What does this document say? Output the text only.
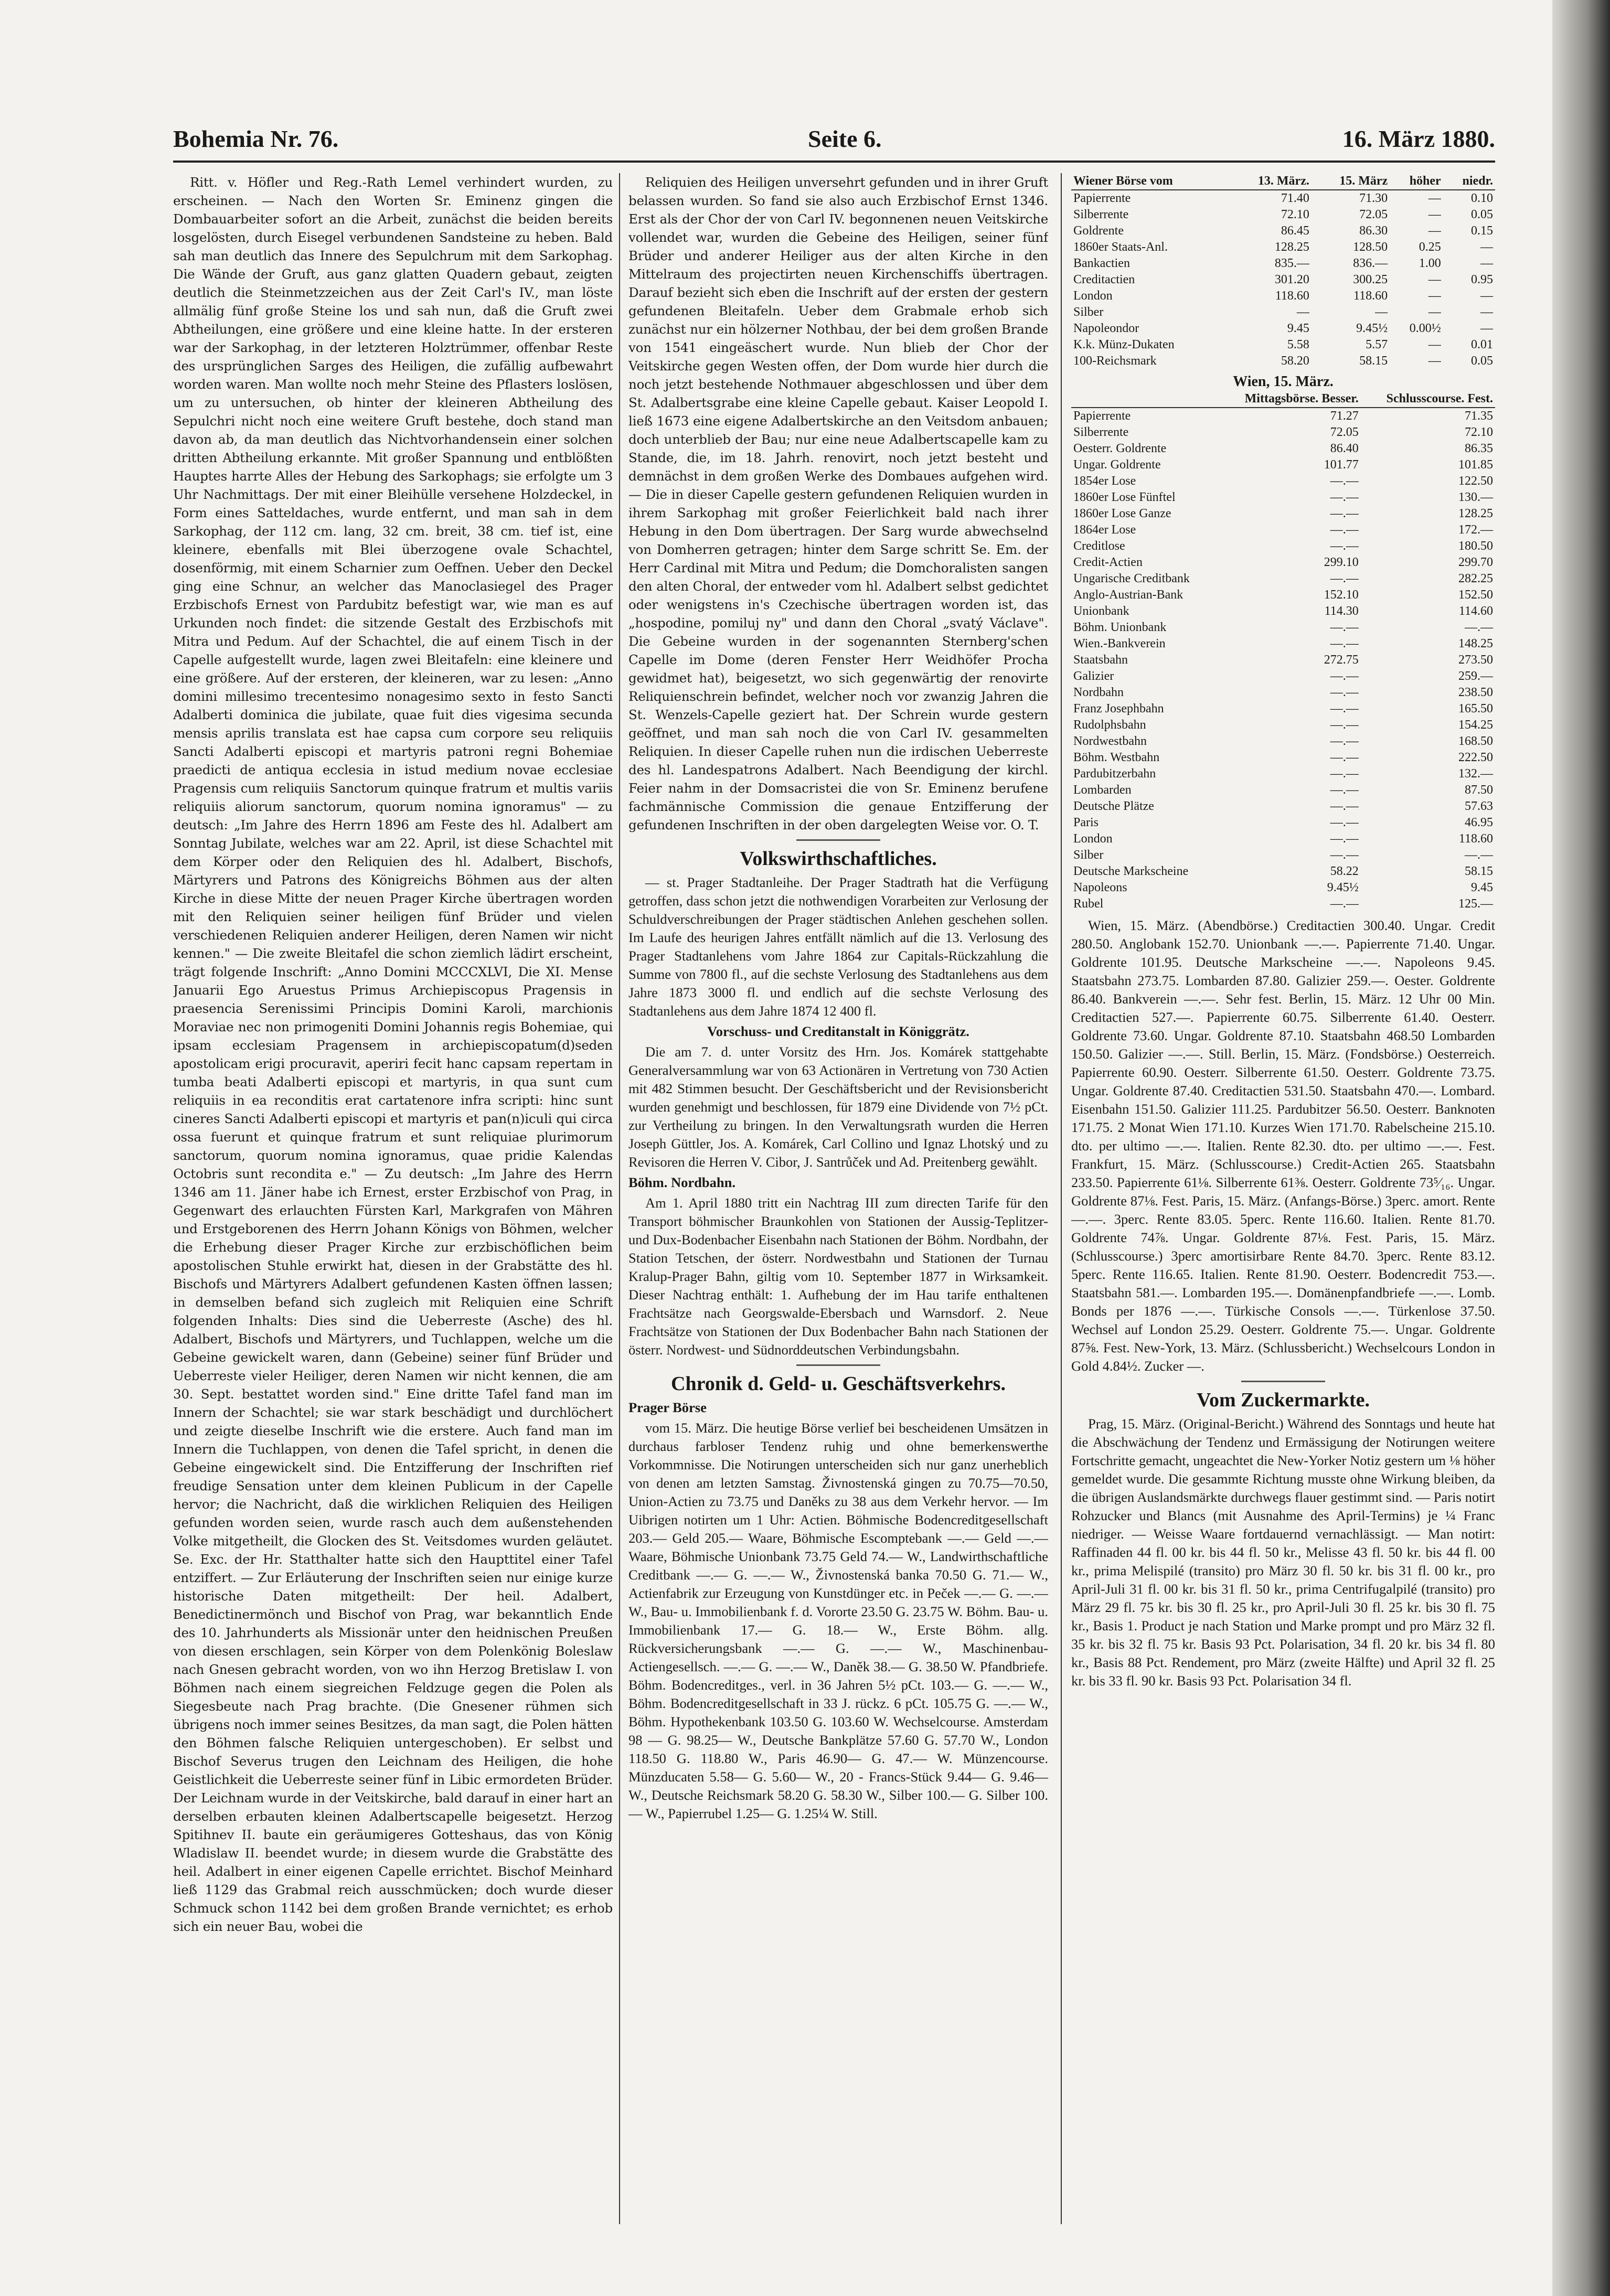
Bohemia Nr. 76.	Seite 6.	16. März 1880.

Ritt. v. Höfler und Reg.-Rath Lemel verhindert wurden, zu erscheinen. — Nach den Worten Sr. Eminenz gingen die Dombauarbeiter sofort an die Arbeit, zunächst die beiden bereits losgelösten, durch Eisegel verbundenen Sandsteine zu heben. Bald sah man deutlich das Innere des Sepulchrum mit dem Sarkophag. Die Wände der Gruft, aus ganz glatten Quadern gebaut, zeigten deutlich die Steinmetzzeichen aus der Zeit Carl's IV., man löste allmälig fünf große Steine los und sah nun, daß die Gruft zwei Abtheilungen, eine größere und eine kleine hatte. In der ersteren war der Sarkophag, in der letzteren Holztrümmer, offenbar Reste des ursprünglichen Sarges des Heiligen, die zufällig aufbewahrt worden waren. Man wollte noch mehr Steine des Pflasters loslösen, um zu untersuchen, ob hinter der kleineren Abtheilung des Sepulchri nicht noch eine weitere Gruft bestehe, doch stand man davon ab, da man deutlich das Nichtvorhandensein einer solchen dritten Abtheilung erkannte. Mit großer Spannung und entblößten Hauptes harrte Alles der Hebung des Sarkophags; sie erfolgte um 3 Uhr Nachmittags. Der mit einer Bleihülle versehene Holzdeckel, in Form eines Satteldaches, wurde entfernt, und man sah in dem Sarkophag, der 112 cm. lang, 32 cm. breit, 38 cm. tief ist, eine kleinere, ebenfalls mit Blei überzogene ovale Schachtel, dosenförmig, mit einem Scharnier zum Oeffnen. Ueber den Deckel ging eine Schnur, an welcher das Manoclasiegel des Prager Erzbischofs Ernest von Pardubitz befestigt war, wie man es auf Urkunden noch findet: die sitzende Gestalt des Erzbischofs mit Mitra und Pedum. Auf der Schachtel, die auf einem Tisch in der Capelle aufgestellt wurde, lagen zwei Bleitafeln: eine kleinere und eine größere. Auf der ersteren, der kleineren, war zu lesen: „Anno domini millesimo trecentesimo nonagesimo sexto in festo Sancti Adalberti dominica die jubilate, quae fuit dies vigesima secunda mensis aprilis translata est hae capsa cum corpore seu reliquiis Sancti Adalberti episcopi et martyris patroni regni Bohemiae praedicti de antiqua ecclesia in istud medium novae ecclesiae Pragensis cum reliquiis Sanctorum quinque fratrum et multis variis reliquiis aliorum sanctorum, quorum nomina ignoramus" — zu deutsch: „Im Jahre des Herrn 1896 am Feste des hl. Adalbert am Sonntag Jubilate, welches war am 22. April, ist diese Schachtel mit dem Körper oder den Reliquien des hl. Adalbert, Bischofs, Märtyrers und Patrons des Königreichs Böhmen aus der alten Kirche in diese Mitte der neuen Prager Kirche übertragen worden mit den Reliquien seiner heiligen fünf Brüder und vielen verschiedenen Reliquien anderer Heiligen, deren Namen wir nicht kennen." — Die zweite Bleitafel die schon ziemlich lädirt erscheint, trägt folgende Inschrift: „Anno Domini MCCCXLVI, Die XI. Mense Januarii Ego Aruestus Primus Archiepiscopus Pragensis in praesencia Serenissimi Principis Domini Karoli, marchionis Moraviae nec non primogeniti Domini Johannis regis Bohemiae, qui ipsam ecclesiam Pragensem in archiepiscopatum(d)seden apostolicam erigi procuravit, aperiri fecit hanc capsam repertam in tumba beati Adalberti episcopi et martyris, in qua sunt cum reliquiis in ea reconditis erat cartatenore infra scripti: hinc sunt cineres Sancti Adalberti episcopi et martyris et pan(n)iculi qui circa ossa fuerunt et quinque fratrum et sunt reliquiae plurimorum sanctorum, quorum nomina ignoramus, quae pridie Kalendas Octobris sunt recondita e." — Zu deutsch: „Im Jahre des Herrn 1346 am 11. Jäner habe ich Ernest, erster Erzbischof von Prag, in Gegenwart des erlauchten Fürsten Karl, Markgrafen von Mähren und Erstgeborenen des Herrn Johann Königs von Böhmen, welcher die Erhebung dieser Prager Kirche zur erzbischöflichen beim apostolischen Stuhle erwirkt hat, diesen in der Grabstätte des hl. Bischofs und Märtyrers Adalbert gefundenen Kasten öffnen lassen; in demselben befand sich zugleich mit Reliquien eine Schrift folgenden Inhalts: Dies sind die Ueberreste (Asche) des hl. Adalbert, Bischofs und Märtyrers, und Tuchlappen, welche um die Gebeine gewickelt waren, dann (Gebeine) seiner fünf Brüder und Ueberreste vieler Heiliger, deren Namen wir nicht kennen, die am 30. Sept. bestattet worden sind." Eine dritte Tafel fand man im Innern der Schachtel; sie war stark beschädigt und durchlöchert und zeigte dieselbe Inschrift wie die erstere. Auch fand man im Innern die Tuchlappen, von denen die Tafel spricht, in denen die Gebeine eingewickelt sind. Die Entzifferung der Inschriften rief freudige Sensation unter dem kleinen Publicum in der Capelle hervor; die Nachricht, daß die wirklichen Reliquien des Heiligen gefunden worden seien, wurde rasch auch dem außenstehenden Volke mitgetheilt, die Glocken des St. Veitsdomes wurden geläutet. Se. Exc. der Hr. Statthalter hatte sich den Haupttitel einer Tafel entziffert. — Zur Erläuterung der Inschriften seien nur einige kurze historische Daten mitgetheilt: Der heil. Adalbert, Benedictinermönch und Bischof von Prag, war bekanntlich Ende des 10. Jahrhunderts als Missionär unter den heidnischen Preußen von diesen erschlagen, sein Körper von dem Polenkönig Boleslaw nach Gnesen gebracht worden, von wo ihn Herzog Bretislaw I. von Böhmen nach einem siegreichen Feldzuge gegen die Polen als Siegesbeute nach Prag brachte. (Die Gnesener rühmen sich übrigens noch immer seines Besitzes, da man sagt, die Polen hätten den Böhmen falsche Reliquien untergeschoben). Er selbst und Bischof Severus trugen den Leichnam des Heiligen, die hohe Geistlichkeit die Ueberreste seiner fünf in Libic ermordeten Brüder. Der Leichnam wurde in der Veitskirche, bald darauf in einer hart an derselben erbauten kleinen Adalbertscapelle beigesetzt. Herzog Spitihnev II. baute ein geräumigeres Gotteshaus, das von König Wladislaw II. beendet wurde; in diesem wurde die Grabstätte des heil. Adalbert in einer eigenen Capelle errichtet. Bischof Meinhard ließ 1129 das Grabmal reich ausschmücken; doch wurde dieser Schmuck schon 1142 bei dem großen Brande vernichtet; es erhob sich ein neuer Bau, wobei die

Reliquien des Heiligen unversehrt gefunden und in ihrer Gruft belassen wurden. So fand sie also auch Erzbischof Ernst 1346. Erst als der Chor der von Carl IV. begonnenen neuen Veitskirche vollendet war, wurden die Gebeine des Heiligen, seiner fünf Brüder und anderer Heiliger aus der alten Kirche in den Mittelraum des projectirten neuen Kirchenschiffs übertragen. Darauf bezieht sich eben die Inschrift auf der ersten der gestern gefundenen Bleitafeln. Ueber dem Grabmale erhob sich zunächst nur ein hölzerner Nothbau, der bei dem großen Brande von 1541 eingeäschert wurde. Nun blieb der Chor der Veitskirche gegen Westen offen, der Dom wurde hier durch die noch jetzt bestehende Nothmauer abgeschlossen und über dem St. Adalbertsgrabe eine kleine Capelle gebaut. Kaiser Leopold I. ließ 1673 eine eigene Adalbertskirche an den Veitsdom anbauen; doch unterblieb der Bau; nur eine neue Adalbertscapelle kam zu Stande, die, im 18. Jahrh. renovirt, noch jetzt besteht und demnächst in dem großen Werke des Dombaues aufgehen wird. — Die in dieser Capelle gestern gefundenen Reliquien wurden in ihrem Sarkophag mit großer Feierlichkeit bald nach ihrer Hebung in den Dom übertragen. Der Sarg wurde abwechselnd von Domherren getragen; hinter dem Sarge schritt Se. Em. der Herr Cardinal mit Mitra und Pedum; die Domchoralisten sangen den alten Choral, der entweder vom hl. Adalbert selbst gedichtet oder wenigstens in's Czechische übertragen worden ist, das „hospodine, pomiluj ny" und dann den Choral „svatý Václave". Die Gebeine wurden in der sogenannten Sternberg'schen Capelle im Dome (deren Fenster Herr Weidhöfer Procha gewidmet hat), beigesetzt, wo sich gegenwärtig der renovirte Reliquienschrein befindet, welcher noch vor zwanzig Jahren die St. Wenzels-Capelle geziert hat. Der Schrein wurde gestern geöffnet, und man sah noch die von Carl IV. gesammelten Reliquien. In dieser Capelle ruhen nun die irdischen Ueberreste des hl. Landespatrons Adalbert. Nach Beendigung der kirchl. Feier nahm in der Domsacristei die von Sr. Eminenz berufene fachmännische Commission die genaue Entzifferung der gefundenen Inschriften in der oben dargelegten Weise vor. O. T.

Volkswirthschaftliches.

— st. Prager Stadtanleihe. Der Prager Stadtrath hat die Verfügung getroffen, dass schon jetzt die nothwendigen Vorarbeiten zur Verlosung der Schuldverschreibungen der Prager städtischen Anlehen geschehen sollen. Im Laufe des heurigen Jahres entfällt nämlich auf die 13. Verlosung des Prager Stadtanlehens vom Jahre 1864 zur Capitals-Rückzahlung die Summe von 7800 fl., auf die sechste Verlosung des Stadtanlehens aus dem Jahre 1873 3000 fl. und endlich auf die sechste Verlosung des Stadtanlehens aus dem Jahre 1874 12 400 fl.

Vorschuss- und Creditanstalt in Königgrätz.

Die am 7. d. unter Vorsitz des Hrn. Jos. Komárek stattgehabte Generalversammlung war von 63 Actionären in Vertretung von 730 Actien mit 482 Stimmen besucht. Der Geschäftsbericht und der Revisionsbericht wurden genehmigt und beschlossen, für 1879 eine Dividende von 7½ pCt. zur Vertheilung zu bringen. In den Verwaltungsrath wurden die Herren Joseph Güttler, Jos. A. Komárek, Carl Collino und Ignaz Lhotský und zu Revisoren die Herren V. Cibor, J. Santrůček und Ad. Preitenberg gewählt.

Böhm. Nordbahn.

Am 1. April 1880 tritt ein Nachtrag III zum directen Tarife für den Transport böhmischer Braunkohlen von Stationen der Aussig-Teplitzer- und Dux-Bodenbacher Eisenbahn nach Stationen der Böhm. Nordbahn, der Station Tetschen, der österr. Nordwestbahn und Stationen der Turnau Kralup-Prager Bahn, giltig vom 10. September 1877 in Wirksamkeit. Dieser Nachtrag enthält: 1. Aufhebung der im Hau tarife enthaltenen Frachtsätze nach Georgswalde-Ebersbach und Warnsdorf. 2. Neue Frachtsätze von Stationen der Dux Bodenbacher Bahn nach Stationen der österr. Nordwest- und Südnorddeutschen Verbindungsbahn.

Chronik d. Geld- u. Geschäftsverkehrs.

Prager Börse

vom 15. März. Die heutige Börse verlief bei bescheidenen Umsätzen in durchaus farbloser Tendenz ruhig und ohne bemerkenswerthe Vorkommnisse. Die Notirungen unterscheiden sich nur ganz unerheblich von denen am letzten Samstag. Živnostenská gingen zu 70.75—70.50, Union-Actien zu 73.75 und Daněks zu 38 aus dem Verkehr hervor. — Im Uibrigen notirten um 1 Uhr: Actien. Böhmische Bodencreditgesellschaft 203.— Geld 205.— Waare, Böhmische Escomptebank —.— Geld —.— Waare, Böhmische Unionbank 73.75 Geld 74.— W., Landwirthschaftliche Creditbank —.— G. —.— W., Živnostenská banka 70.50 G. 71.— W., Actienfabrik zur Erzeugung von Kunstdünger etc. in Peček —.— G. —.— W., Bau- u. Immobilienbank f. d. Vororte 23.50 G. 23.75 W. Böhm. Bau- u. Immobilienbank 17.— G. 18.— W., Erste Böhm. allg. Rückversicherungsbank —.— G. —.— W., Maschinenbau-Actiengesellsch. —.— G. —.— W., Daněk 38.— G. 38.50 W. Pfandbriefe. Böhm. Bodencreditges., verl. in 36 Jahren 5½ pCt. 103.— G. —.— W., Böhm. Bodencreditgesellschaft in 33 J. rückz. 6 pCt. 105.75 G. —.— W., Böhm. Hypothekenbank 103.50 G. 103.60 W. Wechselcourse. Amsterdam 98 — G. 98.25— W., Deutsche Bankplätze 57.60 G. 57.70 W., London 118.50 G. 118.80 W., Paris 46.90— G. 47.— W. Münzencourse. Münzducaten 5.58— G. 5.60— W., 20 - Francs-Stück 9.44— G. 9.46— W., Deutsche Reichsmark 58.20 G. 58.30 W., Silber 100.— G. Silber 100.— W., Papierrubel 1.25— G. 1.25¼ W. Still.

Wiener Börse vom	13. März.	15. März	höher	niedr.
Papierrente	71.40	71.30	—	0.10
Silberrente	72.10	72.05	—	0.05
Goldrente	86.45	86.30	—	0.15
1860er Staats-Anl.	128.25	128.50	0.25	—
Bankactien	835.—	836.—	1.00	—
Creditactien	301.20	300.25	—	0.95
London	118.60	118.60	—	—
Silber	—	—	—	—
Napoleondor	9.45	9.45½	0.00½	—
K.k. Münz-Dukaten	5.58	5.57	—	0.01
100-Reichsmark	58.20	58.15	—	0.05
Wien, 15. März.
	Mittagsbörse. Besser.	Schlusscourse. Fest.
Papierrente	71.27	71.35
Silberrente	72.05	72.10
Oesterr. Goldrente	86.40	86.35
Ungar. Goldrente	101.77	101.85
1854er Lose	—.—	122.50
1860er Lose Fünftel	—.—	130.—
1860er Lose Ganze	—.—	128.25
1864er Lose	—.—	172.—
Creditlose	—.—	180.50
Credit-Actien	299.10	299.70
Ungarische Creditbank	—.—	282.25
Anglo-Austrian-Bank	152.10	152.50
Unionbank	114.30	114.60
Böhm. Unionbank	—.—	—.—
Wien.-Bankverein	—.—	148.25
Staatsbahn	272.75	273.50
Galizier	—.—	259.—
Nordbahn	—.—	238.50
Franz Josephbahn	—.—	165.50
Rudolphsbahn	—.—	154.25
Nordwestbahn	—.—	168.50
Böhm. Westbahn	—.—	222.50
Pardubitzerbahn	—.—	132.—
Lombarden	—.—	87.50
Deutsche Plätze	—.—	57.63
Paris	—.—	46.95
London	—.—	118.60
Silber	—.—	—.—
Deutsche Markscheine	58.22	58.15
Napoleons	9.45½	9.45
Rubel	—.—	125.—

Wien, 15. März. (Abendbörse.) Creditactien 300.40. Ungar. Credit 280.50. Anglobank 152.70. Unionbank —.—. Papierrente 71.40. Ungar. Goldrente 101.95. Deutsche Markscheine —.—. Napoleons 9.45. Staatsbahn 273.75. Lombarden 87.80. Galizier 259.—. Oester. Goldrente 86.40. Bankverein —.—. Sehr fest. Berlin, 15. März. 12 Uhr 00 Min. Creditactien 527.—. Papierrente 60.75. Silberrente 61.40. Oesterr. Goldrente 73.60. Ungar. Goldrente 87.10. Staatsbahn 468.50 Lombarden 150.50. Galizier —.—. Still. Berlin, 15. März. (Fondsbörse.) Oesterreich. Papierrente 60.90. Oesterr. Silberrente 61.50. Oesterr. Goldrente 73.75. Ungar. Goldrente 87.40. Creditactien 531.50. Staatsbahn 470.—. Lombard. Eisenbahn 151.50. Galizier 111.25. Pardubitzer 56.50. Oesterr. Banknoten 171.75. 2 Monat Wien 171.10. Kurzes Wien 171.70. Rabelscheine 215.10. dto. per ultimo —.—. Italien. Rente 82.30. dto. per ultimo —.—. Fest. Frankfurt, 15. März. (Schlusscourse.) Credit-Actien 265. Staatsbahn 233.50. Papierrente 61⅛. Silberrente 61⅜. Oesterr. Goldrente 73⁵⁄₁₆. Ungar. Goldrente 87⅛. Fest. Paris, 15. März. (Anfangs-Börse.) 3perc. amort. Rente —.—. 3perc. Rente 83.05. 5perc. Rente 116.60. Italien. Rente 81.70. Goldrente 74⅞. Ungar. Goldrente 87⅛. Fest. Paris, 15. März. (Schlusscourse.) 3perc amortisirbare Rente 84.70. 3perc. Rente 83.12. 5perc. Rente 116.65. Italien. Rente 81.90. Oesterr. Bodencredit 753.—. Staatsbahn 581.—. Lombarden 195.—. Domänenpfandbriefe —.—. Lomb. Bonds per 1876 —.—. Türkische Consols —.—. Türkenlose 37.50. Wechsel auf London 25.29. Oesterr. Goldrente 75.—. Ungar. Goldrente 87⅝. Fest. New-York, 13. März. (Schlussbericht.) Wechselcours London in Gold 4.84½. Zucker —.

Vom Zuckermarkte.

Prag, 15. März. (Original-Bericht.) Während des Sonntags und heute hat die Abschwächung der Tendenz und Ermässigung der Notirungen weitere Fortschritte gemacht, ungeachtet die New-Yorker Notiz gestern um ⅛ höher gemeldet wurde. Die gesammte Richtung musste ohne Wirkung bleiben, da die übrigen Auslandsmärkte durchwegs flauer gestimmt sind. — Paris notirt Rohzucker und Blancs (mit Ausnahme des April-Termins) je ¼ Franc niedriger. — Weisse Waare fortdauernd vernachlässigt. — Man notirt: Raffinaden 44 fl. 00 kr. bis 44 fl. 50 kr., Melisse 43 fl. 50 kr. bis 44 fl. 00 kr., prima Melispilé (transito) pro März 30 fl. 50 kr. bis 31 fl. 00 kr., pro April-Juli 31 fl. 00 kr. bis 31 fl. 50 kr., prima Centrifugalpilé (transito) pro März 29 fl. 75 kr. bis 30 fl. 25 kr., pro April-Juli 30 fl. 25 kr. bis 30 fl. 75 kr., Basis 1. Product je nach Station und Marke prompt und pro März 32 fl. 35 kr. bis 32 fl. 75 kr. Basis 93 Pct. Polarisation, 34 fl. 20 kr. bis 34 fl. 80 kr., Basis 88 Pct. Rendement, pro März (zweite Hälfte) und April 32 fl. 25 kr. bis 33 fl. 90 kr. Basis 93 Pct. Polarisation 34 fl.
